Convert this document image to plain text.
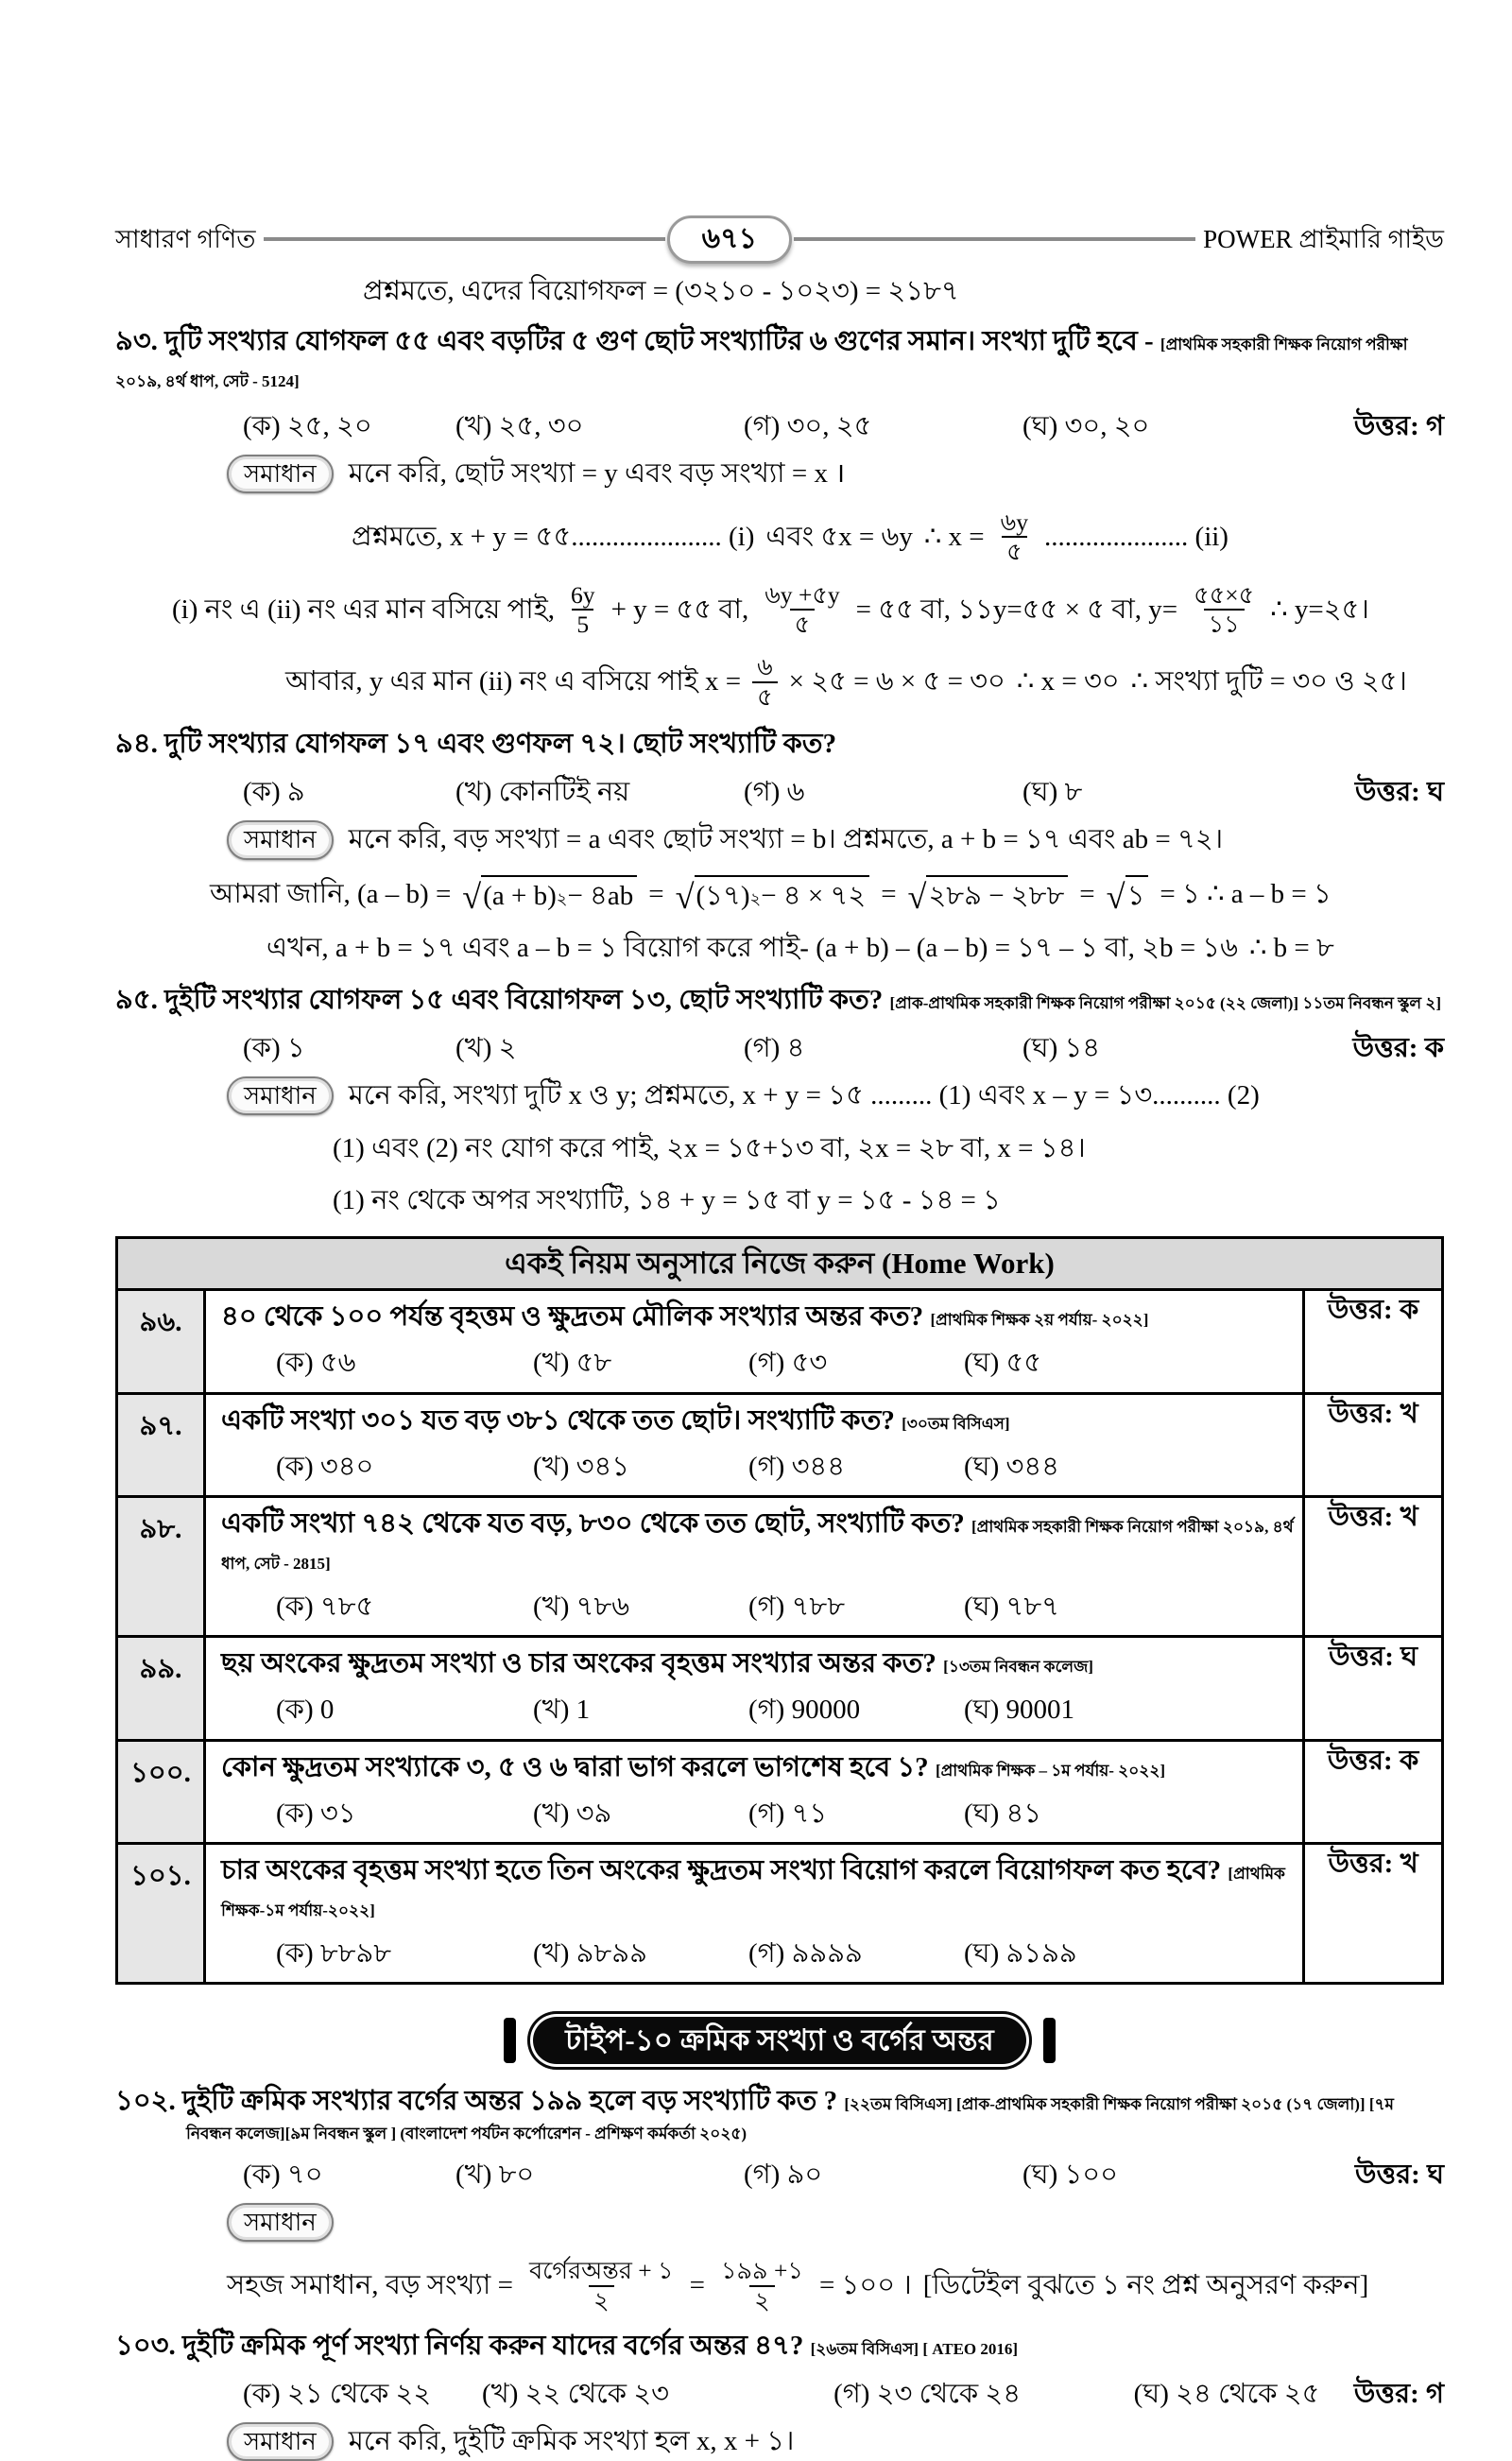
সাধারণ গণিত	৬৭১	POWER প্রাইমারি গাইড
প্রশ্নমতে, এদের বিয়োগফল = (৩২১০ - ১০২৩) = ২১৮৭
৯৩. দুটি সংখ্যার যোগফল ৫৫ এবং বড়টির ৫ গুণ ছোট সংখ্যাটির ৬ গুণের সমান। সংখ্যা দুটি হবে - [প্রাথমিক সহকারী শিক্ষক নিয়োগ পরীক্ষা ২০১৯, ৪র্থ ধাপ, সেট - 5124]
(ক) ২৫, ২০	(খ) ২৫, ৩০	(গ) ৩০, ২৫	(ঘ) ৩০, ২০	উত্তর: গ
সমাধান	মনে করি, ছোট সংখ্যা = y এবং বড় সংখ্যা = x ।
প্রশ্নমতে, x + y = ৫৫...................... (i) এবং ৫x = ৬y ∴ $x = \frac{৬y}{৫}$ ..................... (ii)
(i) নং এ (ii) নং এর মান বসিয়ে পাই, $\frac{6y}{5} + y$ = ৫৫ বা, $\frac{৬y +৫y}{৫}$ = ৫৫ বা, ১১y=৫৫ × ৫ বা, $y= \frac{৫৫\times ৫}{১১}$ ∴ y=২৫।
আবার, y এর মান (ii) নং এ বসিয়ে পাই $x = \frac{৬}{৫}$ × ২৫ = ৬ × ৫ = ৩০ ∴ x = ৩০ ∴ সংখ্যা দুটি = ৩০ ও ২৫।
৯৪. দুটি সংখ্যার যোগফল ১৭ এবং গুণফল ৭২। ছোট সংখ্যাটি কত?
(ক) ৯	(খ) কোনটিই নয়	(গ) ৬	(ঘ) ৮	উত্তর: ঘ
সমাধান	মনে করি, বড় সংখ্যা = a এবং ছোট সংখ্যা = b। প্রশ্নমতে, a + b = ১৭ এবং ab = ৭২।
আমরা জানি, (a – b) = √ (a + b) ২ − ৪ab = √ (১৭) ২ − ৪ × ৭২ = √ ২৮৯ − ২৮৮ = √ ১ = ১ ∴ a – b = ১
এখন, a + b = ১৭ এবং a – b = ১ বিয়োগ করে পাই- (a + b) – (a – b) = ১৭ – ১ বা, ২b = ১৬ ∴ b = ৮
৯৫. দুইটি সংখ্যার যোগফল ১৫ এবং বিয়োগফল ১৩, ছোট সংখ্যাটি কত? [প্রাক-প্রাথমিক সহকারী শিক্ষক নিয়োগ পরীক্ষা ২০১৫ (২২ জেলা)] ১১তম নিবন্ধন স্কুল ২]
(ক) ১	(খ) ২	(গ) ৪	(ঘ) ১৪	উত্তর: ক
সমাধান	মনে করি, সংখ্যা দুটি x ও y; প্রশ্নমতে, x + y = ১৫ ......... (1) এবং x – y = ১৩.......... (2)
(1) এবং (2) নং যোগ করে পাই, ২x = ১৫+১৩ বা, ২x = ২৮ বা, x = ১৪।
(1) নং থেকে অপর সংখ্যাটি, ১৪ + y = ১৫ বা y = ১৫ - ১৪ = ১
একই নিয়ম অনুসারে নিজে করুন (Home Work)		
৯৬.	৪০ থেকে ১০০ পর্যন্ত বৃহত্তম ও ক্ষুদ্রতম মৌলিক সংখ্যার অন্তর কত? [প্রাথমিক শিক্ষক ২য় পর্যায়- ২০২২]
(ক) ৫৬ (খ) ৫৮ (গ) ৫৩ (ঘ) ৫৫	উত্তর: ক
৯৭.	একটি সংখ্যা ৩০১ যত বড় ৩৮১ থেকে তত ছোট। সংখ্যাটি কত? [৩০তম বিসিএস]
(ক) ৩৪০ (খ) ৩৪১ (গ) ৩৪৪ (ঘ) ৩৪৪	উত্তর: খ
৯৮.	একটি সংখ্যা ৭৪২ থেকে যত বড়, ৮৩০ থেকে তত ছোট, সংখ্যাটি কত? [প্রাথমিক সহকারী শিক্ষক নিয়োগ পরীক্ষা ২০১৯, ৪র্থ ধাপ, সেট - 2815]
(ক) ৭৮৫ (খ) ৭৮৬ (গ) ৭৮৮ (ঘ) ৭৮৭	উত্তর: খ
৯৯.	ছয় অংকের ক্ষুদ্রতম সংখ্যা ও চার অংকের বৃহত্তম সংখ্যার অন্তর কত? [১৩তম নিবন্ধন কলেজ]
(ক) 0 (খ) 1 (গ) 90000 (ঘ) 90001	উত্তর: ঘ
১০০.	কোন ক্ষুদ্রতম সংখ্যাকে ৩, ৫ ও ৬ দ্বারা ভাগ করলে ভাগশেষ হবে ১? [প্রাথমিক শিক্ষক – ১ম পর্যায়- ২০২২]
(ক) ৩১ (খ) ৩৯ (গ) ৭১ (ঘ) ৪১	উত্তর: ক
১০১.	চার অংকের বৃহত্তম সংখ্যা হতে তিন অংকের ক্ষুদ্রতম সংখ্যা বিয়োগ করলে বিয়োগফল কত হবে? [প্রাথমিক শিক্ষক-১ম পর্যায়-২০২২]
(ক) ৮৮৯৮ (খ) ৯৮৯৯ (গ) ৯৯৯৯ (ঘ) ৯১৯৯	উত্তর: খ
টাইপ-১০ ক্রমিক সংখ্যা ও বর্গের অন্তর
১০২. দুইটি ক্রমিক সংখ্যার বর্গের অন্তর ১৯৯ হলে বড় সংখ্যাটি কত ? [২২তম বিসিএস] [প্রাক-প্রাথমিক সহকারী শিক্ষক নিয়োগ পরীক্ষা ২০১৫ (১৭ জেলা)] [৭ম
নিবন্ধন কলেজ][৯ম নিবন্ধন স্কুল ] (বাংলাদেশ পর্যটন কর্পোরেশন - প্রশিক্ষণ কর্মকর্তা ২০২৫)
(ক) ৭০	(খ) ৮০	(গ) ৯০	(ঘ) ১০০	উত্তর: ঘ
সমাধান
সহজ সমাধান, বড় সংখ্যা = $\frac{\text{বর্গেরঅন্তর + ১}}{২} = \frac{১৯৯ +১}{২}$ = ১০০ । [ডিটেইল বুঝতে ১ নং প্রশ্ন অনুসরণ করুন]
১০৩. দুইটি ক্রমিক পূর্ণ সংখ্যা নির্ণয় করুন যাদের বর্গের অন্তর ৪৭? [২৬তম বিসিএস] [ ATEO 2016]
(ক) ২১ থেকে ২২	(খ) ২২ থেকে ২৩	(গ) ২৩ থেকে ২৪	(ঘ) ২৪ থেকে ২৫	উত্তর: গ
সমাধান	মনে করি, দুইটি ক্রমিক সংখ্যা হল x, x + ১।
